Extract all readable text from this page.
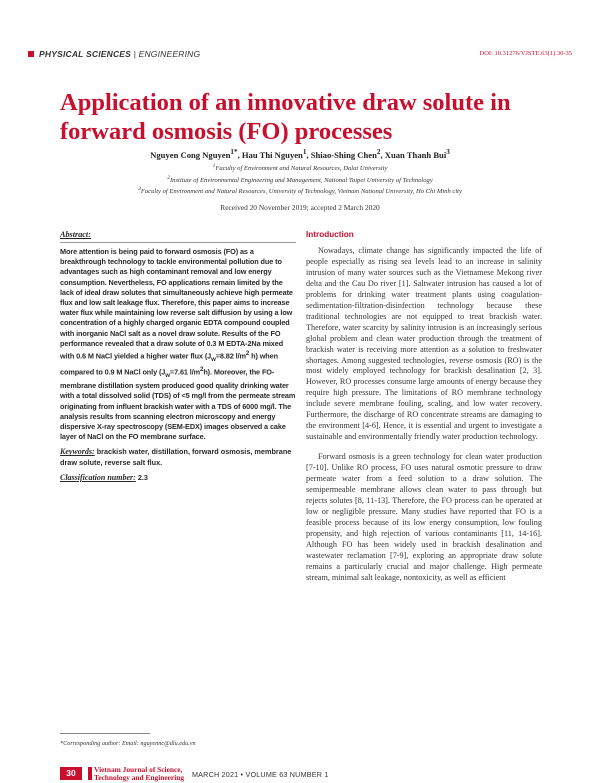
PHYSICAL SCIENCES | ENGINEERING	DOI: 10.31276/VJSTE.63(1).30-35
Application of an innovative draw solute in forward osmosis (FO) processes
Nguyen Cong Nguyen$^{1*}$, Hau Thi Nguyen$^1$, Shiao-Shing Chen$^2$, Xuan Thanh Bui$^3$
$^1$Faculty of Environment and Natural Resources, Dalat University
$^2$Institute of Environmental Engineering and Management, National Taipei University of Technology
$^3$Faculty of Environment and Natural Resources, University of Technology, Vietnam National University, Ho Chi Minh city
Received 20 November 2019; accepted 2 March 2020
Abstract:

More attention is being paid to forward osmosis (FO) as a breakthrough technology to tackle environmental pollution due to advantages such as high contaminant removal and low energy consumption. Nevertheless, FO applications remain limited by the lack of ideal draw solutes that simultaneously achieve high permeate flux and low salt leakage flux. Therefore, this paper aims to increase water flux while maintaining low reverse salt diffusion by using a low concentration of a highly charged organic EDTA compound coupled with inorganic NaCl salt as a novel draw solute. Results of the FO performance revealed that a draw solute of 0.3 M EDTA-2Na mixed with 0.6 M NaCl yielded a higher water flux ($J_w=8.82$ $l/m^2$ h) when compared to 0.9 M NaCl only ($J_w=7.61$ $l/m^2h$). Moreover, the FO-membrane distillation system produced good quality drinking water with a total dissolved solid (TDS) of <5 mg/l from the permeate stream originating from influent brackish water with a TDS of 6000 mg/l. The analysis results from scanning electron microscopy and energy dispersive X-ray spectroscopy (SEM-EDX) images observed a cake layer of NaCl on the FO membrane surface.

Keywords: brackish water, distillation, forward osmosis, membrane draw solute, reverse salt flux.

Classification number: 2.3

Introduction

Nowadays, climate change has significantly impacted the life of people especially as rising sea levels lead to an increase in salinity intrusion of many water sources such as the Vietnamese Mekong river delta and the Cau Do river [1]. Saltwater intrusion has caused a lot of problems for drinking water treatment plants using coagulation-sedimentation-filtration-disinfection technology because these traditional technologies are not equipped to treat brackish water. Therefore, water scarcity by salinity intrusion is an increasingly serious global problem and clean water production through the treatment of brackish water is receiving more attention as a solution to freshwater shortages. Among suggested technologies, reverse osmosis (RO) is the most widely employed technology for brackish desalination [2, 3]. However, RO processes consume large amounts of energy because they require high pressure. The limitations of RO membrane technology include severe membrane fouling, scaling, and low water recovery. Furthermore, the discharge of RO concentrate streams are damaging to the environment [4-6]. Hence, it is essential and urgent to investigate a sustainable and environmentally friendly water production technology.

Forward osmosis is a green technology for clean water production [7-10]. Unlike RO process, FO uses natural osmotic pressure to draw permeate water from a feed solution to a draw solution. The semipermeable membrane allows clean water to pass through but rejects solutes [8, 11-13]. Therefore, the FO process can be operated at low or negligible pressure. Many studies have reported that FO is a feasible process because of its low energy consumption, low fouling propensity, and high rejection of various contaminants [11, 14-16]. Although FO has been widely used in brackish desalination and wastewater reclamation [7-9], exploring an appropriate draw solute remains a particularly crucial and major challenge. High permeate stream, minimal salt leakage, nontoxicity, as well as efficient

*Corresponding author: Email: nguyennc@dlu.edu.vn
30	Vietnam Journal of Science,
Technology and Engineering MARCH 2021 • VOLUME 63 NUMBER 1
